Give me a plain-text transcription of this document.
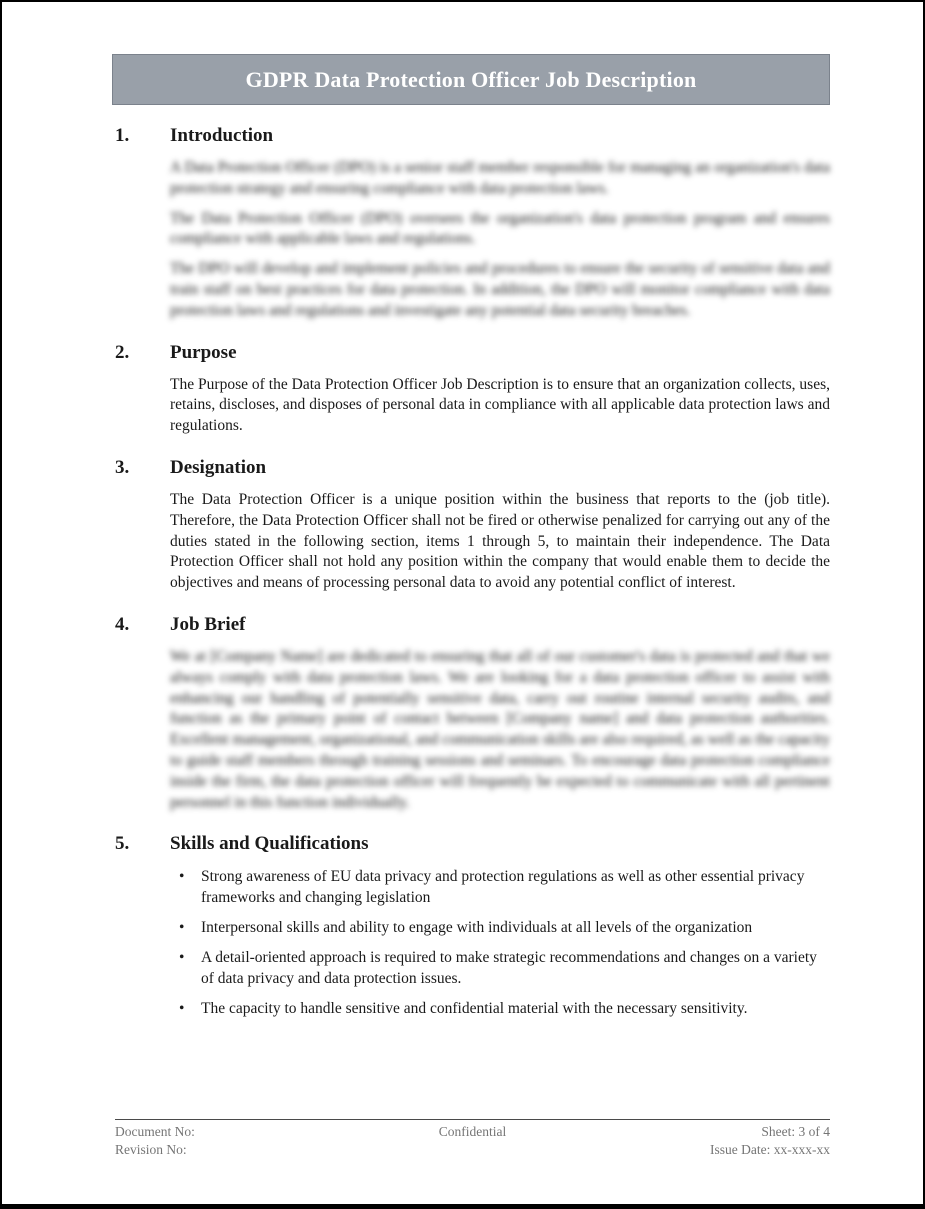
GDPR Data Protection Officer Job Description
1.	Introduction

A Data Protection Officer (DPO) is a senior staff member responsible for managing an organization's data protection strategy and ensuring compliance with data protection laws.

The Data Protection Officer (DPO) oversees the organization's data protection program and ensures compliance with applicable laws and regulations.

The DPO will develop and implement policies and procedures to ensure the security of sensitive data and train staff on best practices for data protection. In addition, the DPO will monitor compliance with data protection laws and regulations and investigate any potential data security breaches.

2.	Purpose

The Purpose of the Data Protection Officer Job Description is to ensure that an organization collects, uses, retains, discloses, and disposes of personal data in compliance with all applicable data protection laws and regulations.

3.	Designation

The Data Protection Officer is a unique position within the business that reports to the (job title). Therefore, the Data Protection Officer shall not be fired or otherwise penalized for carrying out any of the duties stated in the following section, items 1 through 5, to maintain their independence. The Data Protection Officer shall not hold any position within the company that would enable them to decide the objectives and means of processing personal data to avoid any potential conflict of interest.

4.	Job Brief

We at [Company Name] are dedicated to ensuring that all of our customer's data is protected and that we always comply with data protection laws. We are looking for a data protection officer to assist with enhancing our handling of potentially sensitive data, carry out routine internal security audits, and function as the primary point of contact between [Company name] and data protection authorities. Excellent management, organizational, and communication skills are also required, as well as the capacity to guide staff members through training sessions and seminars. To encourage data protection compliance inside the firm, the data protection officer will frequently be expected to communicate with all pertinent personnel in this function individually.

5.	Skills and Qualifications
• Strong awareness of EU data privacy and protection regulations as well as other essential privacy frameworks and changing legislation
• Interpersonal skills and ability to engage with individuals at all levels of the organization
• A detail-oriented approach is required to make strategic recommendations and changes on a variety of data privacy and data protection issues.
• The capacity to handle sensitive and confidential material with the necessary sensitivity.
Document No:
Revision No:
Confidential	Sheet: 3 of 4
Issue Date: xx-xxx-xx
